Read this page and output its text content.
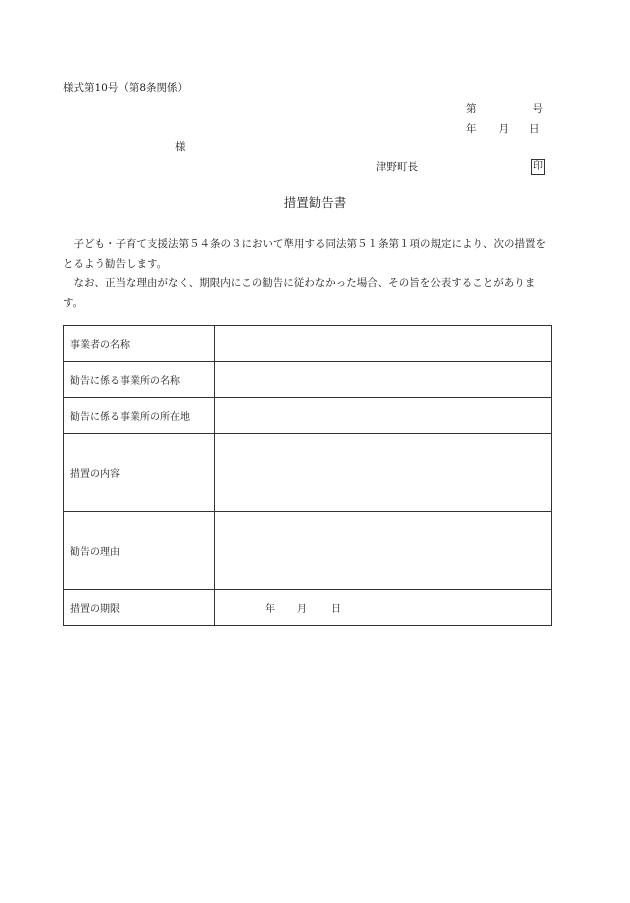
様式第10号（第8条関係）
第	号
年 月 日
様
津野町長	印
措置勧告書

子ども・子育て支援法第５４条の３において準用する同法第５１条第１項の規定により、次の措置をとるよう勧告します。

なお、正当な理由がなく、期限内にこの勧告に従わなかった場合、その旨を公表することがあります。

事業者の名称	
勧告に係る事業所の名称	
勧告に係る事業所の所在地	
措置の内容	
勧告の理由	
措置の期限	年 月 日
